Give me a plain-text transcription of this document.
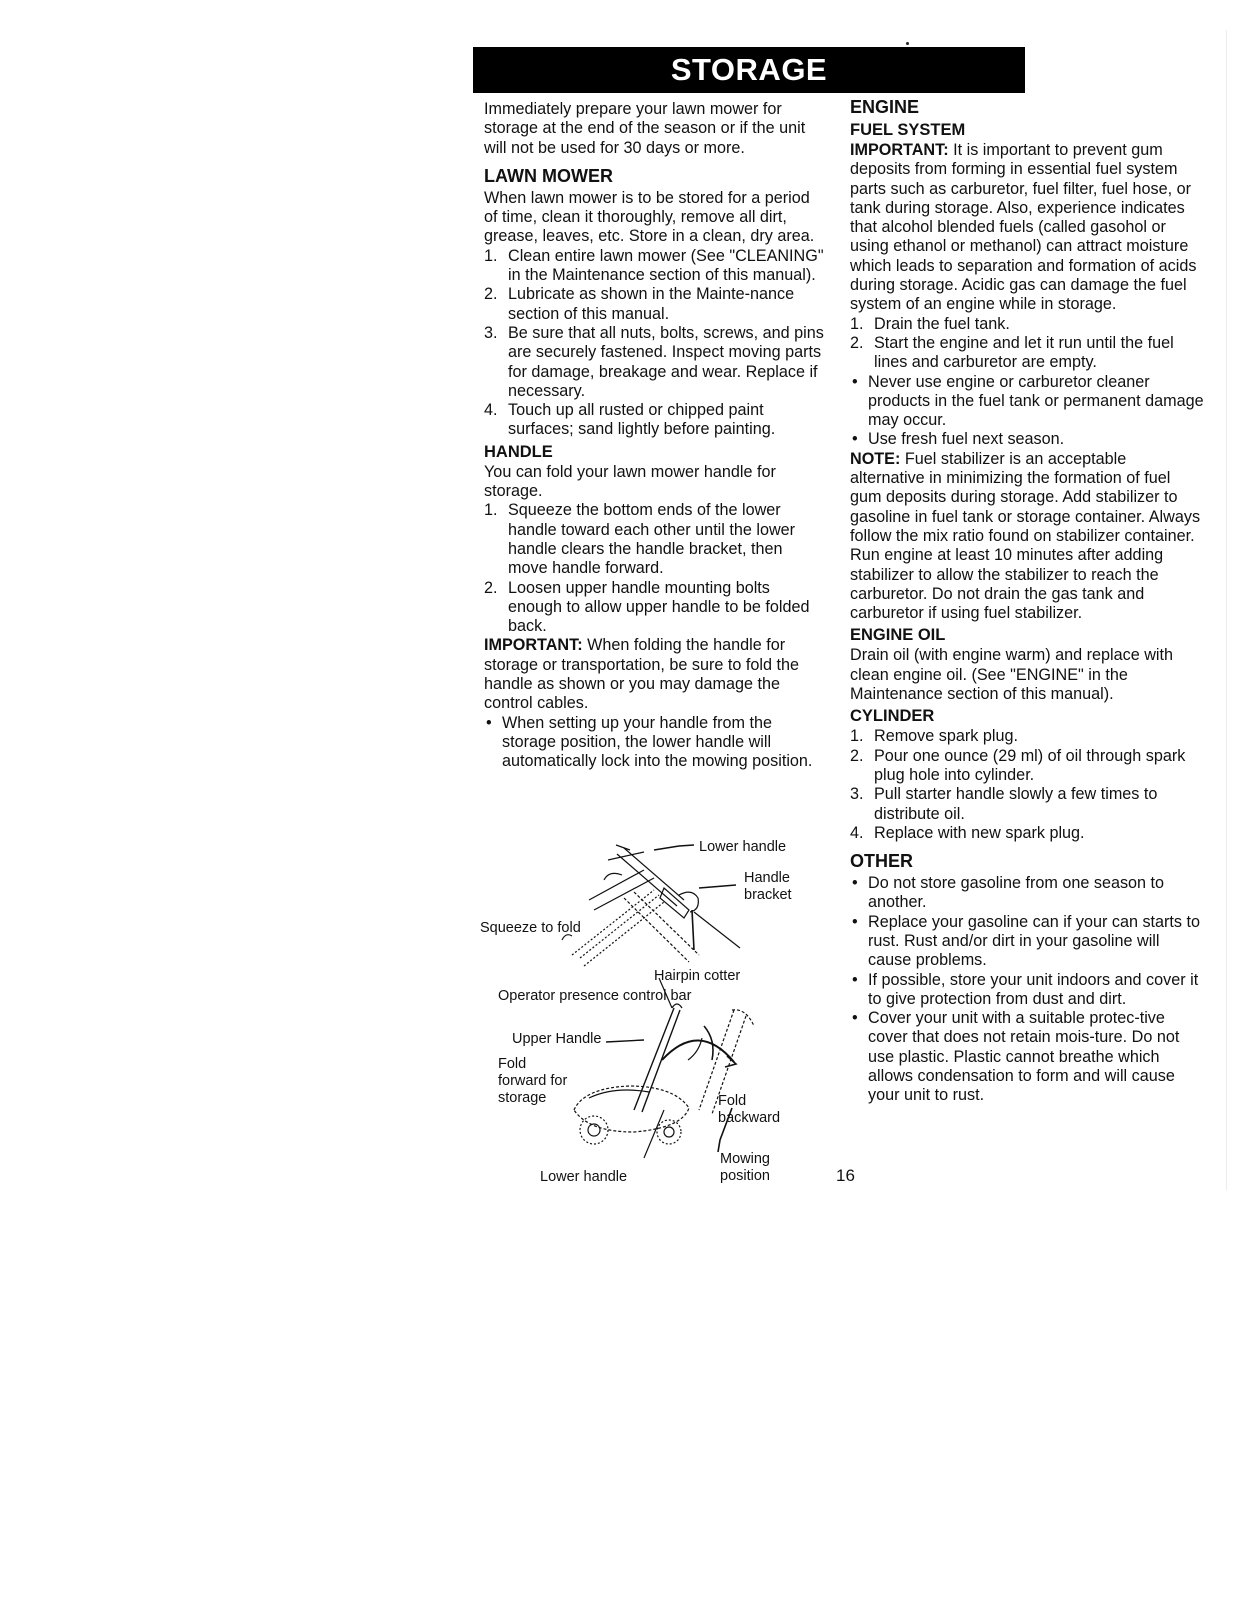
STORAGE

Immediately prepare your lawn mower for storage at the end of the season or if the unit will not be used for 30 days or more.

LAWN MOWER

When lawn mower is to be stored for a period of time, clean it thoroughly, remove all dirt, grease, leaves, etc. Store in a clean, dry area.

1. Clean entire lawn mower (See "CLEANING" in the Maintenance section of this manual).
2. Lubricate as shown in the Mainte-nance section of this manual.
3. Be sure that all nuts, bolts, screws, and pins are securely fastened. Inspect moving parts for damage, breakage and wear. Replace if necessary.
4. Touch up all rusted or chipped paint surfaces; sand lightly before painting.
HANDLE

You can fold your lawn mower handle for storage.

1. Squeeze the bottom ends of the lower handle toward each other until the lower handle clears the handle bracket, then move handle forward.
2. Loosen upper handle mounting bolts enough to allow upper handle to be folded back.

IMPORTANT: When folding the handle for storage or transportation, be sure to fold the handle as shown or you may damage the control cables.

• When setting up your handle from the storage position, the lower handle will automatically lock into the mowing position.
Lower handle
Handle
bracket
Squeeze to fold
Hairpin cotter
Operator presence control bar
Upper Handle
Fold
forward for
storage	Fold
backward
Mowing
position
Lower handle
ENGINE
FUEL SYSTEM

IMPORTANT: It is important to prevent gum deposits from forming in essential fuel system parts such as carburetor, fuel filter, fuel hose, or tank during storage. Also, experience indicates that alcohol blended fuels (called gasohol or using ethanol or methanol) can attract moisture which leads to separation and formation of acids during storage. Acidic gas can damage the fuel system of an engine while in storage.

1. Drain the fuel tank.
2. Start the engine and let it run until the fuel lines and carburetor are empty.
• Never use engine or carburetor cleaner products in the fuel tank or permanent damage may occur.
• Use fresh fuel next season.

NOTE: Fuel stabilizer is an acceptable alternative in minimizing the formation of fuel gum deposits during storage. Add stabilizer to gasoline in fuel tank or storage container. Always follow the mix ratio found on stabilizer container. Run engine at least 10 minutes after adding stabilizer to allow the stabilizer to reach the carburetor. Do not drain the gas tank and carburetor if using fuel stabilizer.

ENGINE OIL

Drain oil (with engine warm) and replace with clean engine oil. (See "ENGINE" in the Maintenance section of this manual).

CYLINDER
1. Remove spark plug.
2. Pour one ounce (29 ml) of oil through spark plug hole into cylinder.
3. Pull starter handle slowly a few times to distribute oil.
4. Replace with new spark plug.
OTHER
• Do not store gasoline from one season to another.
• Replace your gasoline can if your can starts to rust. Rust and/or dirt in your gasoline will cause problems.
• If possible, store your unit indoors and cover it to give protection from dust and dirt.
• Cover your unit with a suitable protec-tive cover that does not retain mois-ture. Do not use plastic. Plastic cannot breathe which allows condensation to form and will cause your unit to rust.
16
